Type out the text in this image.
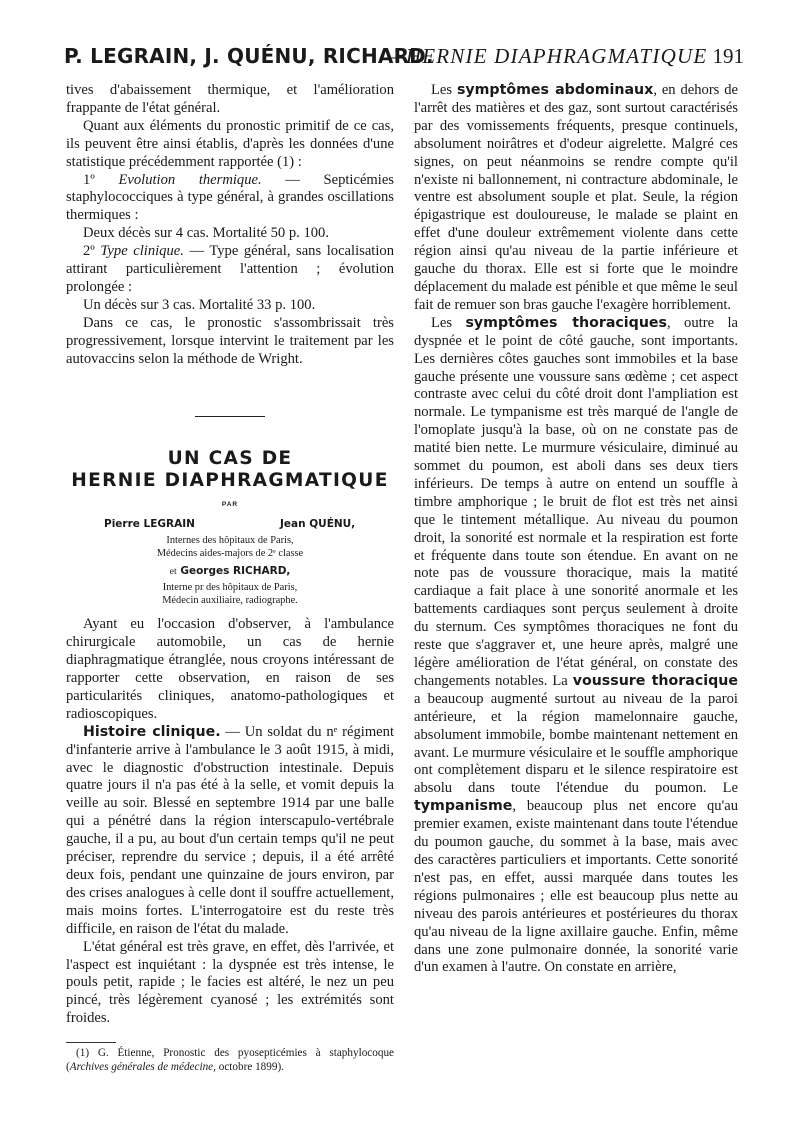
P. LEGRAIN, J. QUÉNU, RICHARD.
—HERNIE DIAPHRAGMATIQUE 191

tives d'abaissement thermique, et l'amélioration frappante de l'état général.

Quant aux éléments du pronostic primitif de ce cas, ils peuvent être ainsi établis, d'après les données d'une statistique précédemment rapportée (1) :

1º Evolution thermique. — Septicémies staphylococciques à type général, à grandes oscillations thermiques :

Deux décès sur 4 cas. Mortalité 50 p. 100.

2º Type clinique. — Type général, sans localisation attirant particulièrement l'attention ; évolution prolongée :

Un décès sur 3 cas. Mortalité 33 p. 100.

Dans ce cas, le pronostic s'assombrissait très progressivement, lorsque intervint le traitement par les autovaccins selon la méthode de Wright.

UN CAS DE
HERNIE DIAPHRAGMATIQUE
PAR
Pierre LEGRAIN	Jean QUÉNU,
Internes des hôpitaux de Paris,
Médecins aides-majors de 2ᵉ classe
et Georges RICHARD,
Interne pr des hôpitaux de Paris,
Médecin auxiliaire, radiographe.

Ayant eu l'occasion d'observer, à l'ambulance chirurgicale automobile, un cas de hernie diaphragmatique étranglée, nous croyons intéressant de rapporter cette observation, en raison de ses particularités cliniques, anatomo-pathologiques et radioscopiques.

Histoire clinique. — Un soldat du nᵉ régiment d'infanterie arrive à l'ambulance le 3 août 1915, à midi, avec le diagnostic d'obstruction intestinale. Depuis quatre jours il n'a pas été à la selle, et vomit depuis la veille au soir. Blessé en septembre 1914 par une balle qui a pénétré dans la région interscapulo-vertébrale gauche, il a pu, au bout d'un certain temps qu'il ne peut préciser, reprendre du service ; depuis, il a été arrêté deux fois, pendant une quinzaine de jours environ, par des crises analogues à celle dont il souffre actuellement, mais moins fortes. L'interrogatoire est du reste très difficile, en raison de l'état du malade.

L'état général est très grave, en effet, dès l'arrivée, et l'aspect est inquiétant : la dyspnée est très intense, le pouls petit, rapide ; le facies est altéré, le nez un peu pincé, très légèrement cyanosé ; les extrémités sont froides.

(1) G. Étienne, Pronostic des pyosepticémies à staphylocoque (Archives générales de médecine, octobre 1899).

Les symptômes abdominaux, en dehors de l'arrêt des matières et des gaz, sont surtout caractérisés par des vomissements fréquents, presque continuels, absolument noirâtres et d'odeur aigrelette. Malgré ces signes, on peut néanmoins se rendre compte qu'il n'existe ni ballonnement, ni contracture abdominale, le ventre est absolument souple et plat. Seule, la région épigastrique est douloureuse, le malade se plaint en effet d'une douleur extrêmement violente dans cette région ainsi qu'au niveau de la partie inférieure et gauche du thorax. Elle est si forte que le moindre déplacement du malade est pénible et que même le seul fait de remuer son bras gauche l'exagère horriblement.

Les symptômes thoraciques, outre la dyspnée et le point de côté gauche, sont importants. Les dernières côtes gauches sont immobiles et la base gauche présente une voussure sans œdème ; cet aspect contraste avec celui du côté droit dont l'ampliation est normale. Le tympanisme est très marqué de l'angle de l'omoplate jusqu'à la base, où on ne constate pas de matité bien nette. Le murmure vésiculaire, diminué au sommet du poumon, est aboli dans ses deux tiers inférieurs. De temps à autre on entend un souffle à timbre amphorique ; le bruit de flot est très net ainsi que le tintement métallique. Au niveau du poumon droit, la sonorité est normale et la respiration est forte et fréquente dans toute son étendue. En avant on ne note pas de voussure thoracique, mais la matité cardiaque a fait place à une sonorité anormale et les battements cardiaques sont perçus seulement à droite du sternum. Ces symptômes thoraciques ne font du reste que s'aggraver et, une heure après, malgré une légère amélioration de l'état général, on constate des changements notables. La voussure thoracique a beaucoup augmenté surtout au niveau de la paroi antérieure, et la région mamelonnaire gauche, absolument immobile, bombe maintenant nettement en avant. Le murmure vésiculaire et le souffle amphorique ont complètement disparu et le silence respiratoire est absolu dans toute l'étendue du poumon. Le tympanisme, beaucoup plus net encore qu'au premier examen, existe maintenant dans toute l'étendue du poumon gauche, du sommet à la base, mais avec des caractères particuliers et importants. Cette sonorité n'est pas, en effet, aussi marquée dans toutes les régions pulmonaires ; elle est beaucoup plus nette au niveau des parois antérieures et postérieures du thorax qu'au niveau de la ligne axillaire gauche. Enfin, même dans une zone pulmonaire donnée, la sonorité varie d'un examen à l'autre. On constate en arrière,
